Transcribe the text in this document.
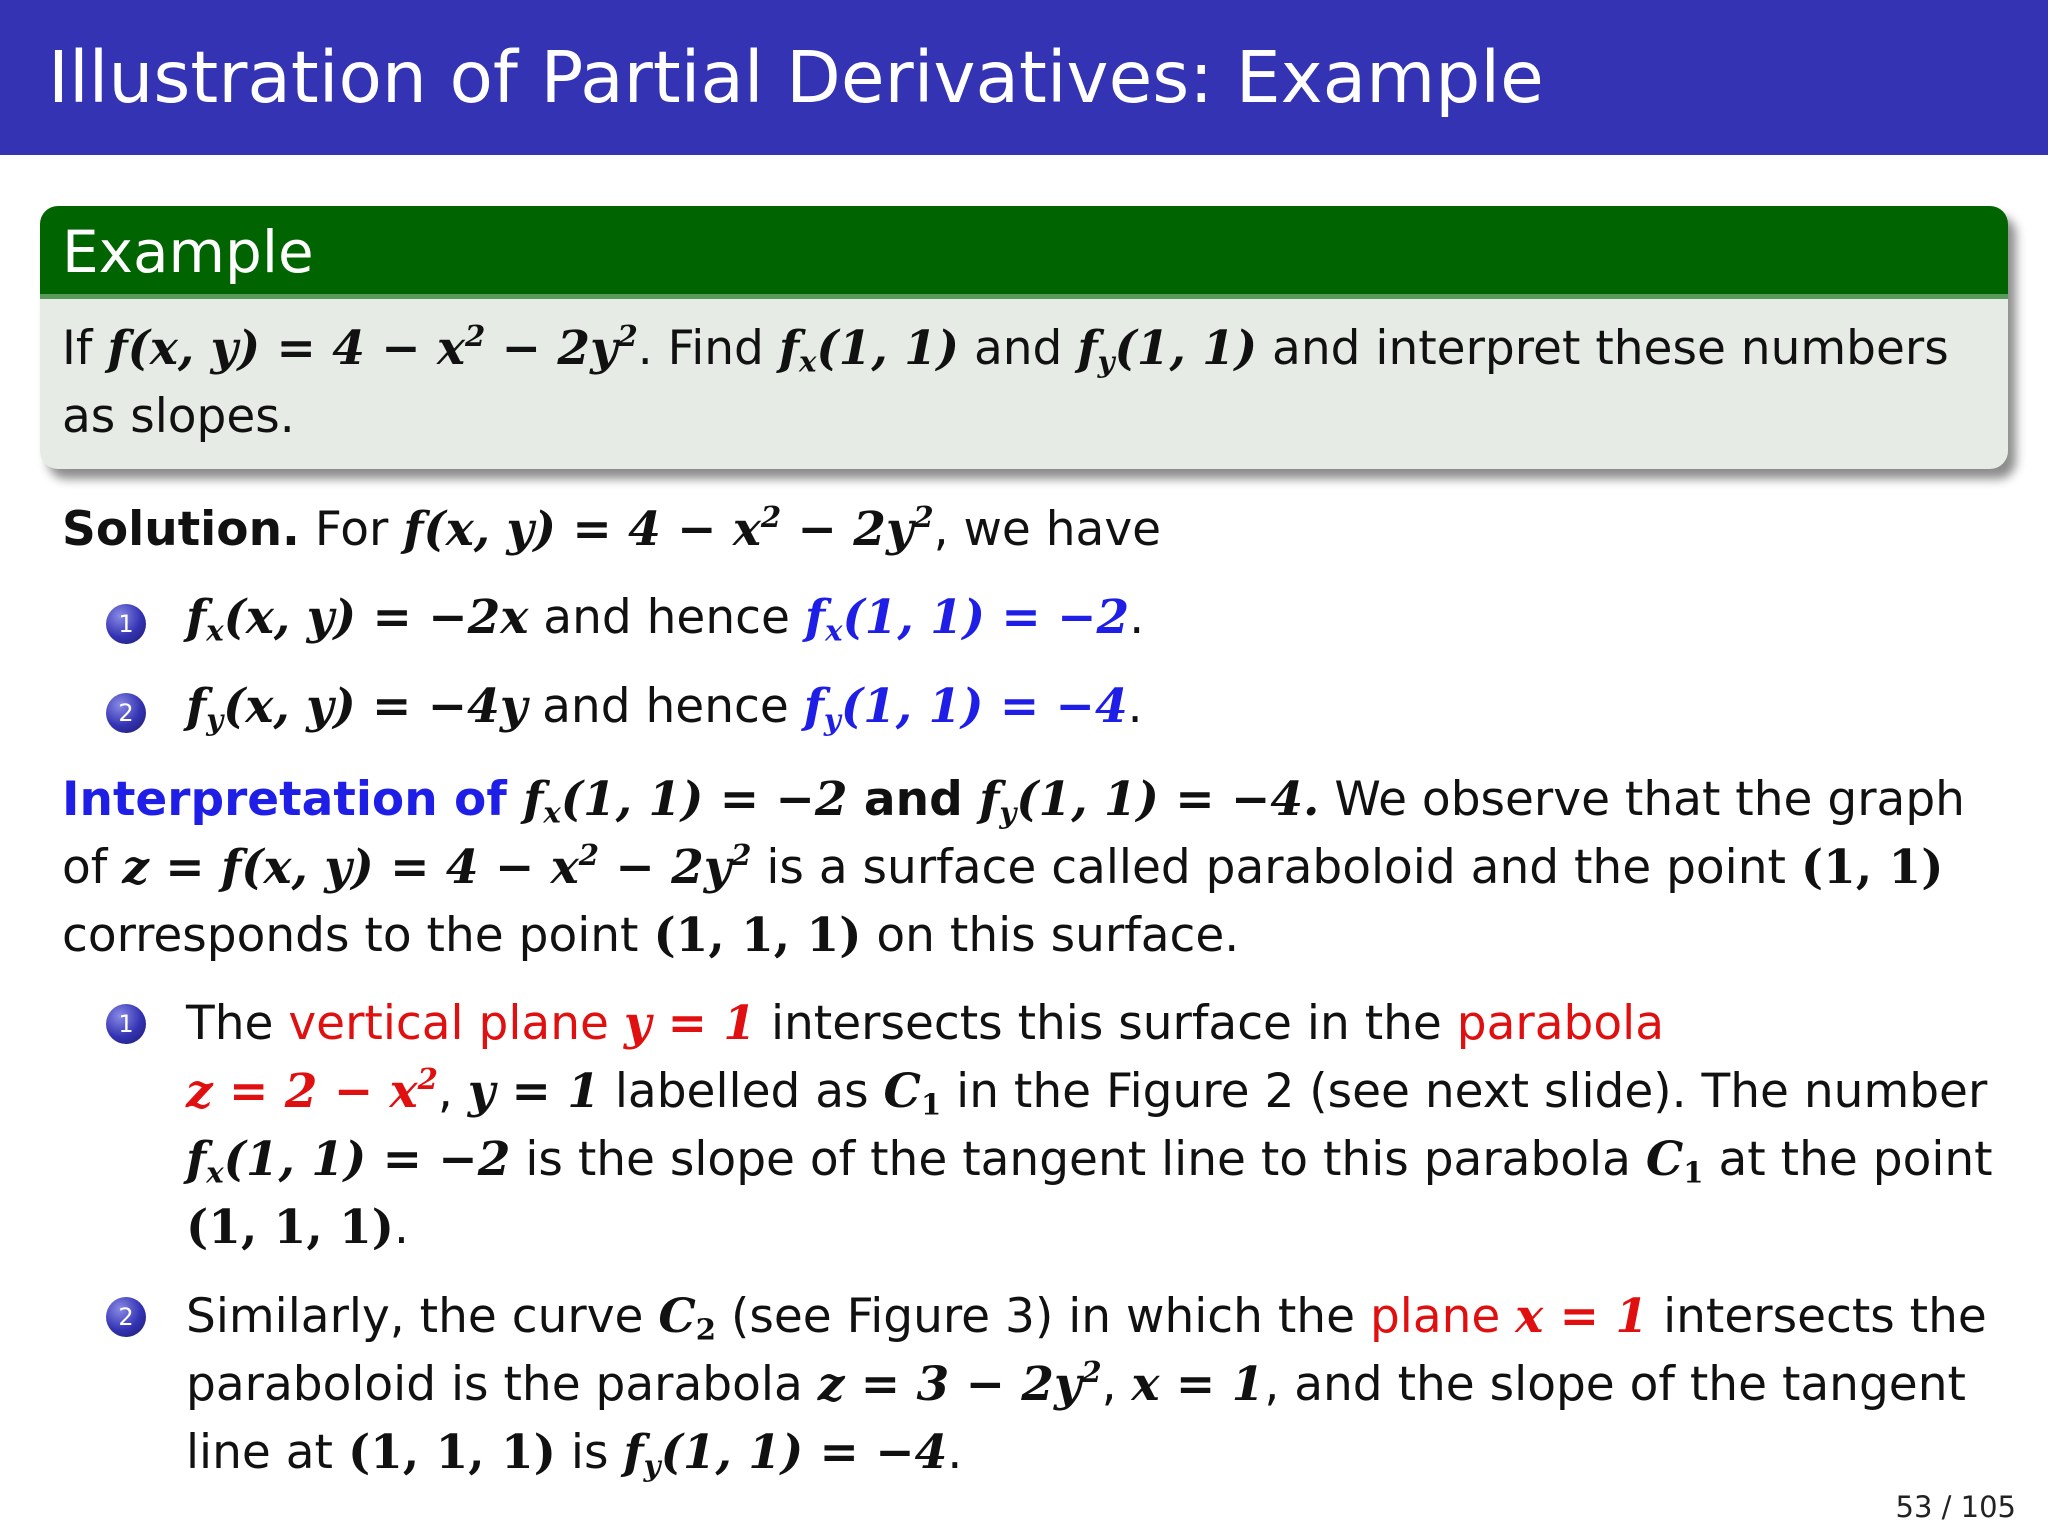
Illustration of Partial Derivatives: Example
Example
If f(x, $y) = 4 - x^2 - 2y^2$. Find $f_x(1$, 1) and $f_y(1$, 1) and interpret these numbers as slopes.
Solution. For f(x, $y) = 4 - x^2 - 2y^2$, we have
1 $f_x(x$, y) = −2x and hence $f_x(1$, 1) = −2.
2 $f_y(x$, y) = −4y and hence $f_y(1$, 1) = −4.
Interpretation of $f_x(1$, 1) = −2 and $f_y(1$, 1) = −4. We observe that the graph of z = f(x, $y) = 4 - x^2 - 2y^2$ is a surface called paraboloid and the point (1, 1) corresponds to the point (1, 1, 1) on this surface.
1 The vertical plane y = 1 intersects this surface in the parabola
$z = 2 - x^2$, y = 1 labelled as $C_1$ in the Figure 2 (see next slide). The number $f_x(1$, 1) = −2 is the slope of the tangent line to this parabola $C_1$ at the point (1, 1, 1).
2 Similarly, the curve $C_2$ (see Figure 3) in which the plane x = 1 intersects the paraboloid is the parabola $z = 3 - 2y^2$, x = 1, and the slope of the tangent line at (1, 1, 1) is $f_y(1$, 1) = −4.
53 / 105
